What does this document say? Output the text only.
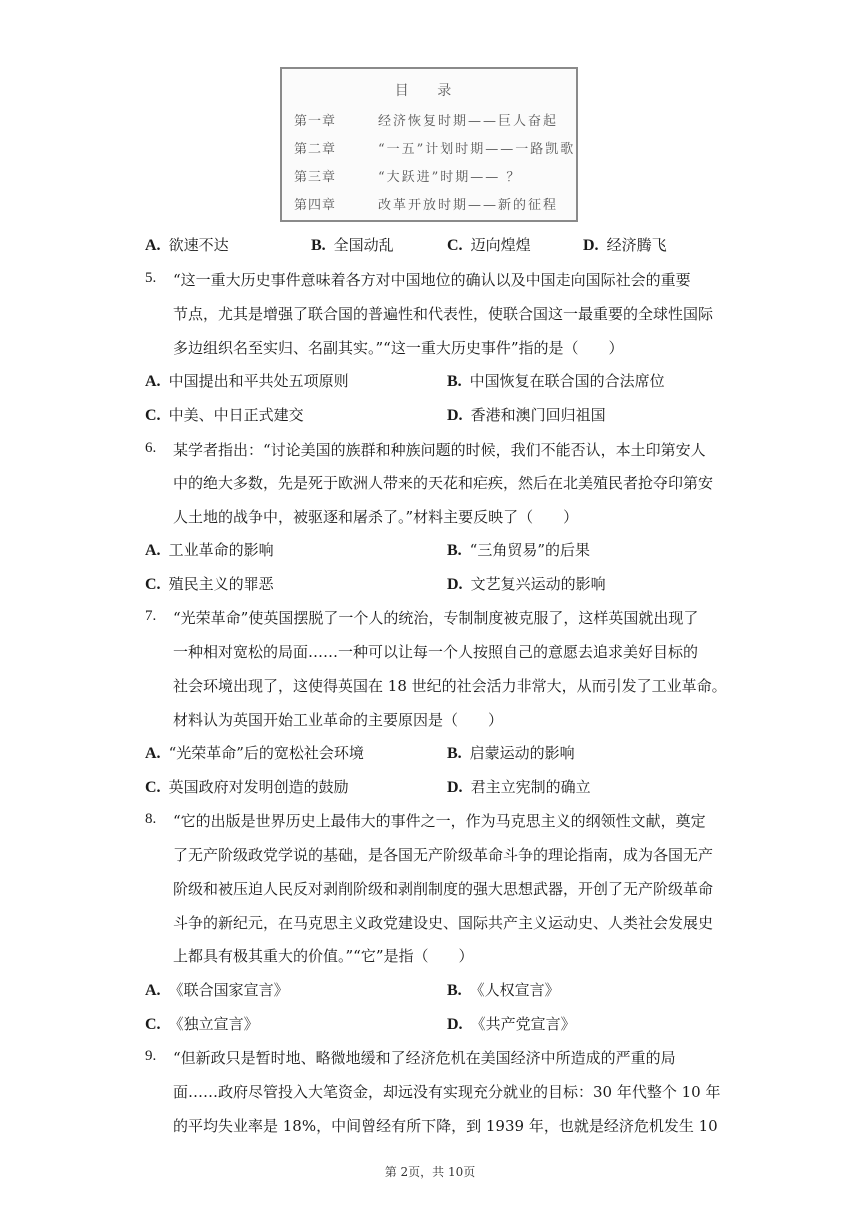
目 录
第一章	经济恢复时期——巨人奋起
第二章	“一五”计划时期——一路凯歌
第三章	“大跃进”时期—— ？
第四章	改革开放时期——新的征程
A. 欲速不达	B. 全国动乱	C. 迈向煌煌	D. 经济腾飞
5. “这一重大历史事件意味着各方对中国地位的确认以及中国走向国际社会的重要
节点，尤其是增强了联合国的普遍性和代表性，使联合国这一最重要的全球性国际
多边组织名至实归、名副其实。”“这一重大历史事件”指的是（　　）
A. 中国提出和平共处五项原则	B. 中国恢复在联合国的合法席位
C. 中美、中日正式建交	D. 香港和澳门回归祖国
6. 某学者指出：“讨论美国的族群和种族问题的时候，我们不能否认，本土印第安人
中的绝大多数，先是死于欧洲人带来的天花和疟疾，然后在北美殖民者抢夺印第安
人土地的战争中，被驱逐和屠杀了。”材料主要反映了（　　）
A. 工业革命的影响	B. “三角贸易”的后果
C. 殖民主义的罪恶	D. 文艺复兴运动的影响
7. “光荣革命”使英国摆脱了一个人的统治，专制制度被克服了，这样英国就出现了
一种相对宽松的局面……一种可以让每一个人按照自己的意愿去追求美好目标的
社会环境出现了，这使得英国在 18 世纪的社会活力非常大，从而引发了工业革命。
材料认为英国开始工业革命的主要原因是（　　）
A. “光荣革命”后的宽松社会环境	B. 启蒙运动的影响
C. 英国政府对发明创造的鼓励	D. 君主立宪制的确立
8. “它的出版是世界历史上最伟大的事件之一，作为马克思主义的纲领性文献，奠定
了无产阶级政党学说的基础，是各国无产阶级革命斗争的理论指南，成为各国无产
阶级和被压迫人民反对剥削阶级和剥削制度的强大思想武器，开创了无产阶级革命
斗争的新纪元，在马克思主义政党建设史、国际共产主义运动史、人类社会发展史
上都具有极其重大的价值。”“它”是指（　　）
A. 《联合国家宣言》	B. 《人权宣言》
C. 《独立宣言》	D. 《共产党宣言》
9. “但新政只是暂时地、略微地缓和了经济危机在美国经济中所造成的严重的局
面……政府尽管投入大笔资金，却远没有实现充分就业的目标：30 年代整个 10 年
的平均失业率是 18%，中间曾经有所下降，到 1939 年，也就是经济危机发生 10
第 2页，共 10页
